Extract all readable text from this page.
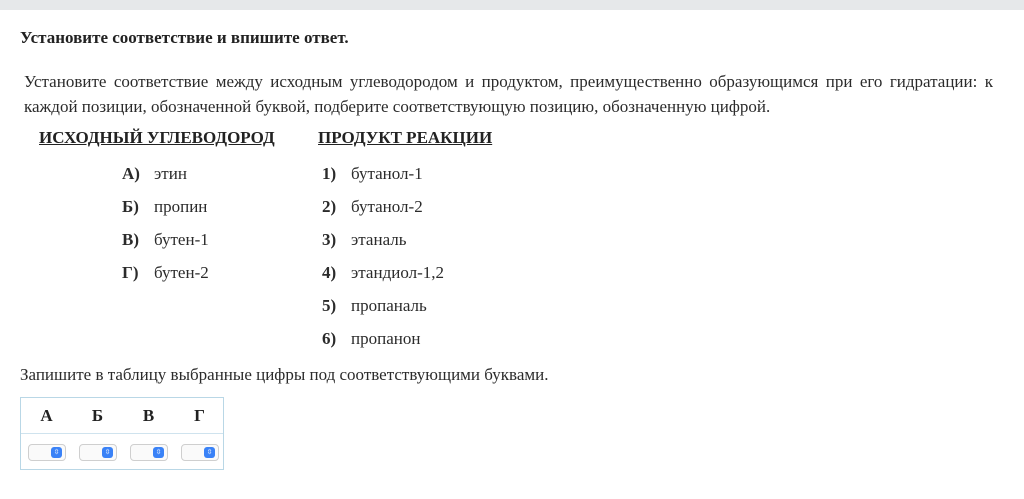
Установите соответствие и впишите ответ.
Установите соответствие между исходным углеводородом и продуктом, преимущественно образующимся при его гидратации: к каждой позиции, обозначенной буквой, подберите соответствующую позицию, обозначенную цифрой.
ИСХОДНЫЙ УГЛЕВОДОРОД	ПРОДУКТ РЕАКЦИИ
А) этин
Б) пропин
В) бутен-1
Г) бутен-2
1) бутанол-1
2) бутанол-2
3) этаналь
4) этандиол-1,2
5) пропаналь
6) пропанон
Запишите в таблицу выбранные цифры под соответствующими буквами.
А	Б	В	Г
⇳	⇳	⇳	⇳
